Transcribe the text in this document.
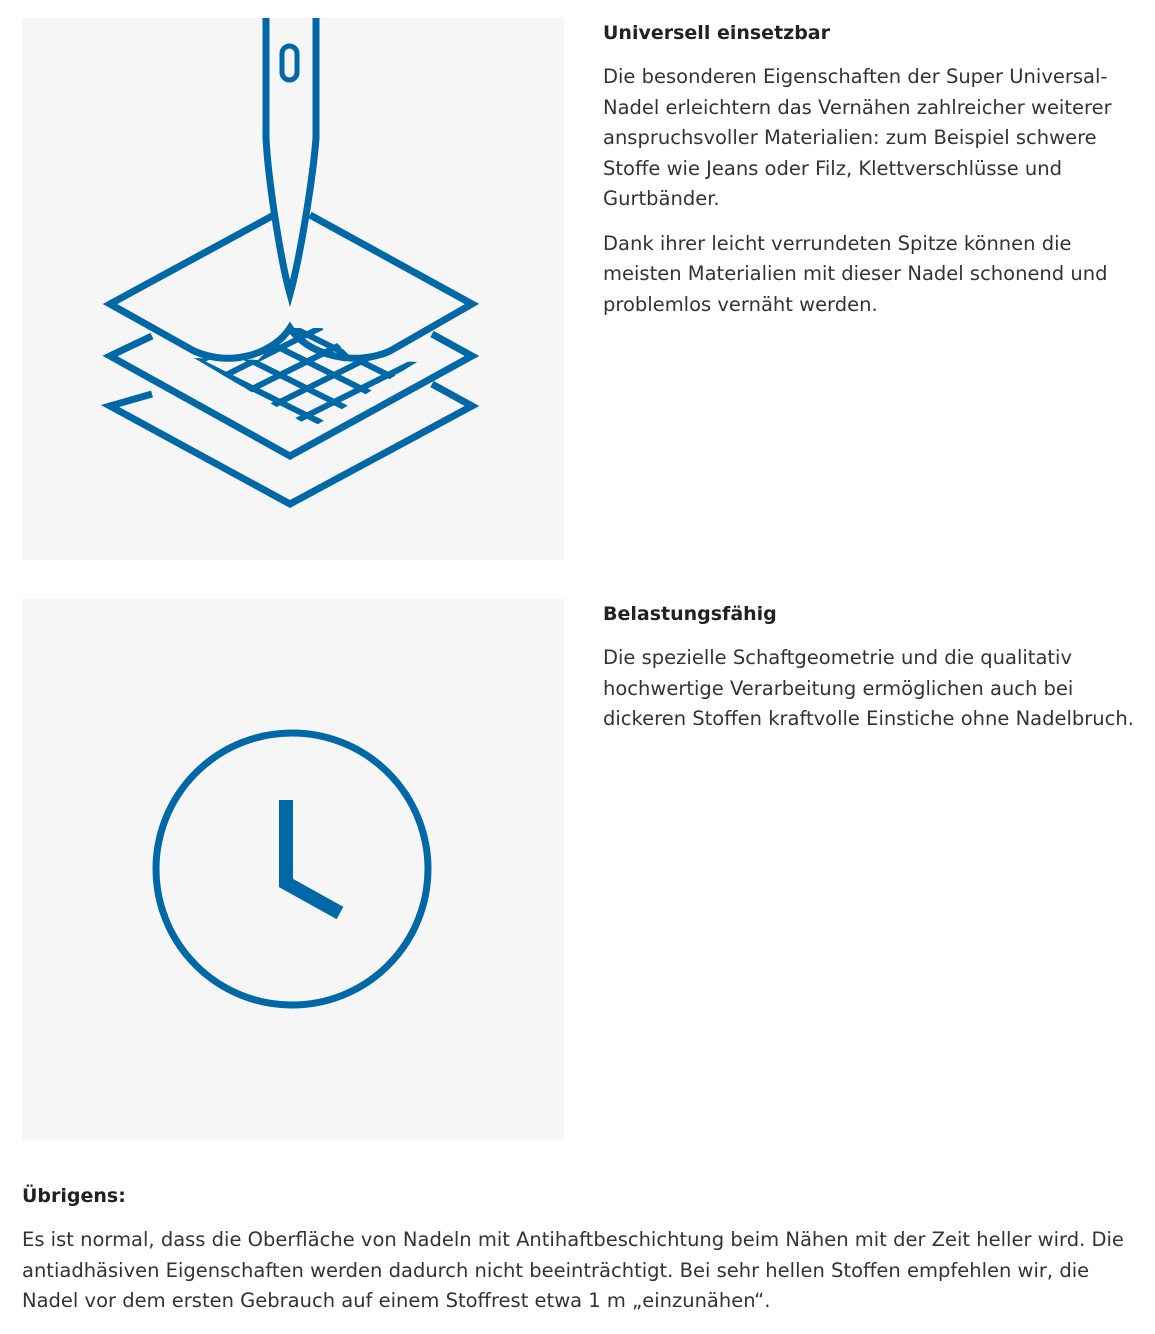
Universell einsetzbar

Die besonderen Eigenschaften der Super Universal-Nadel erleichtern das Vernähen zahlreicher weiterer anspruchsvoller Materialien: zum Beispiel schwere Stoffe wie Jeans oder Filz, Klettverschlüsse und Gurtbänder.

Dank ihrer leicht verrundeten Spitze können die meisten Materialien mit dieser Nadel schonend und problemlos vernäht werden.

Belastungsfähig

Die spezielle Schaftgeometrie und die qualitativ hochwertige Verarbeitung ermöglichen auch bei dickeren Stoffen kraftvolle Einstiche ohne Nadelbruch.

Übrigens:

Es ist normal, dass die Oberfläche von Nadeln mit Antihaftbeschichtung beim Nähen mit der Zeit heller wird. Die antiadhäsiven Eigenschaften werden dadurch nicht beeinträchtigt. Bei sehr hellen Stoffen empfehlen wir, die Nadel vor dem ersten Gebrauch auf einem Stoffrest etwa 1 m „einzunähen“.
